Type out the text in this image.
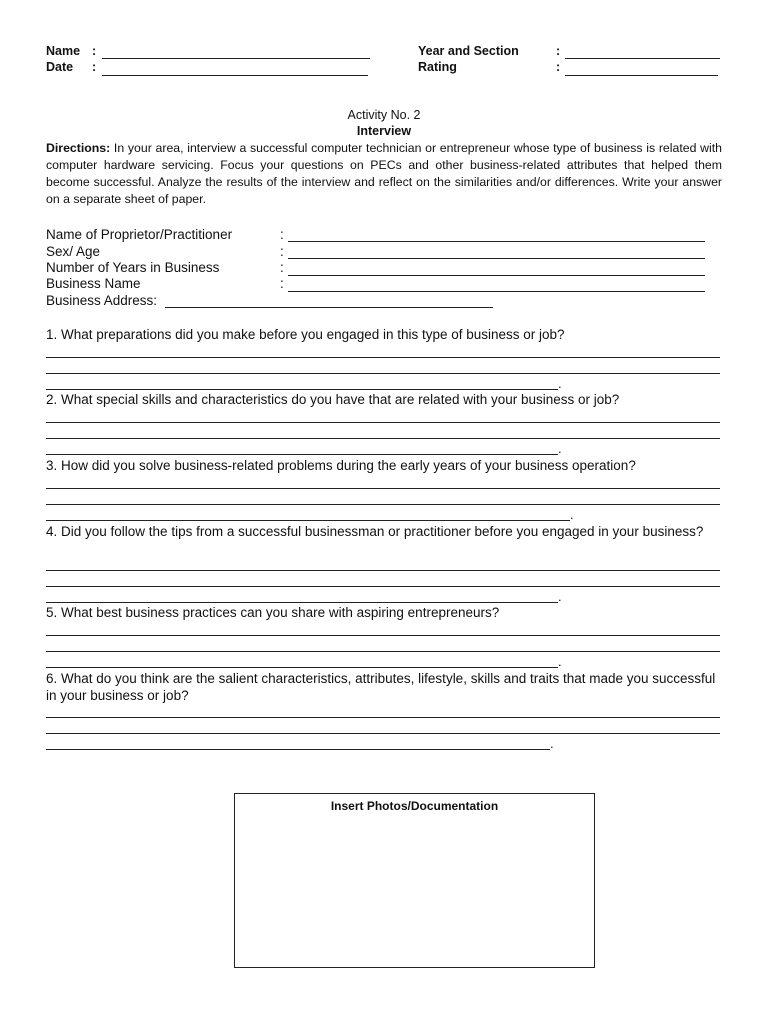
Name :
Date :
Year and Section	:
Rating	:
Activity No. 2
Interview
Directions: In your area, interview a successful computer technician or entrepreneur whose type of business is related with computer hardware servicing. Focus your questions on PECs and other business-related attributes that helped them become successful. Analyze the results of the interview and reflect on the similarities and/or differences. Write your answer on a separate sheet of paper.
Name of Proprietor/Practitioner	:
Sex/ Age	:
Number of Years in Business	:
Business Name	:
Business Address:
1. What preparations did you make before you engaged in this type of business or job?
.
2. What special skills and characteristics do you have that are related with your business or job?
.
3. How did you solve business-related problems during the early years of your business operation?
.
4. Did you follow the tips from a successful businessman or practitioner before you engaged in your business?
.
5. What best business practices can you share with aspiring entrepreneurs?
.
6. What do you think are the salient characteristics, attributes, lifestyle, skills and traits that made you successful in your business or job?
.
Insert Photos/Documentation
